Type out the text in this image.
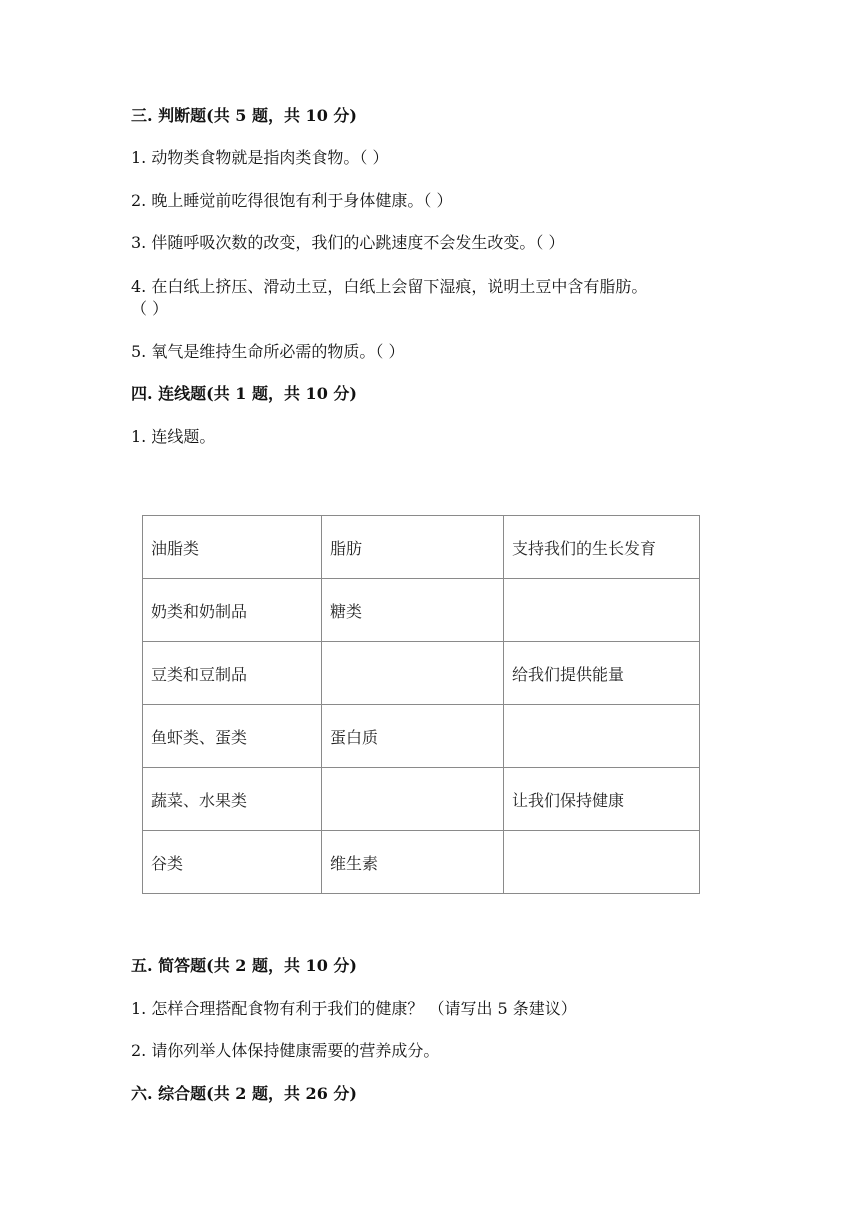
三. 判断题(共 5 题，共 10 分)
1. 动物类食物就是指肉类食物。（ ）
2. 晚上睡觉前吃得很饱有利于身体健康。（ ）
3. 伴随呼吸次数的改变，我们的心跳速度不会发生改变。（ ）
4. 在白纸上挤压、滑动土豆，白纸上会留下湿痕，说明土豆中含有脂肪。
（ ）
5. 氧气是维持生命所必需的物质。（ ）
四. 连线题(共 1 题，共 10 分)
1. 连线题。
油脂类	脂肪	支持我们的生长发育
奶类和奶制品	糖类	
豆类和豆制品		给我们提供能量
鱼虾类、蛋类	蛋白质	
蔬菜、水果类		让我们保持健康
谷类	维生素	
五. 简答题(共 2 题，共 10 分)
1. 怎样合理搭配食物有利于我们的健康？ （请写出 5 条建议）
2. 请你列举人体保持健康需要的营养成分。
六. 综合题(共 2 题，共 26 分)
